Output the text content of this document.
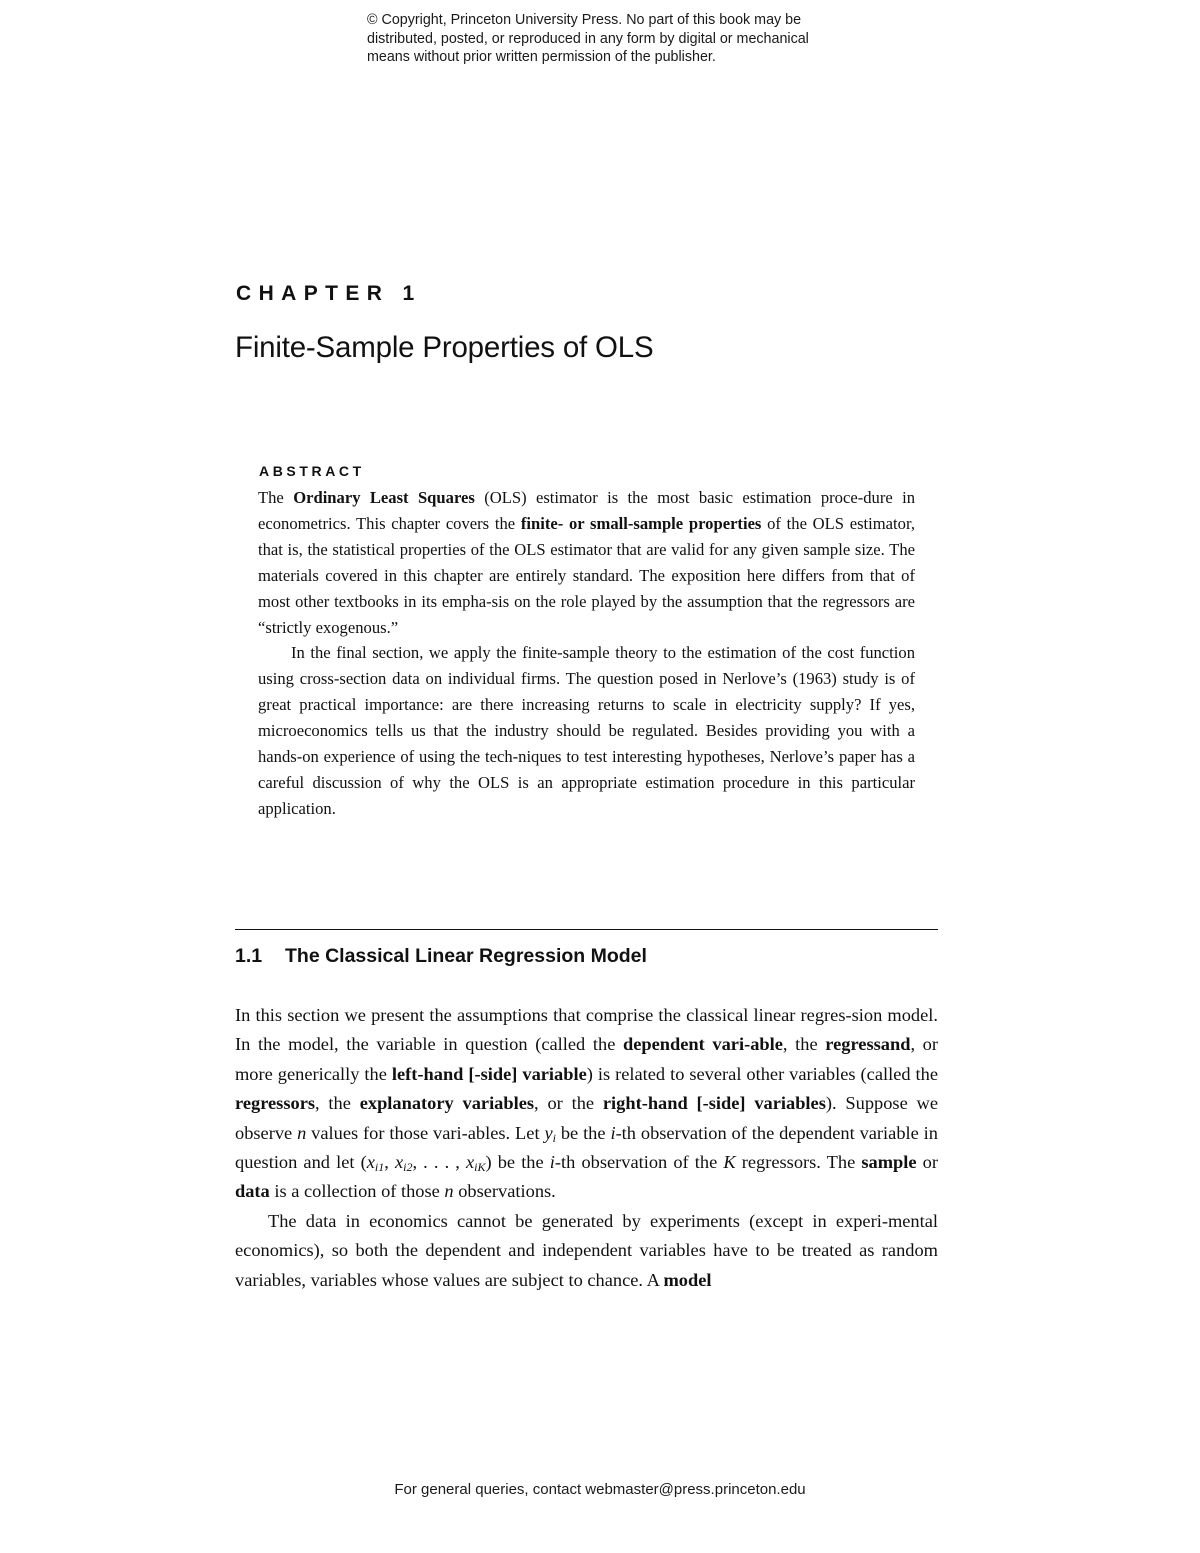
© Copyright, Princeton University Press. No part of this book may be
distributed, posted, or reproduced in any form by digital or mechanical
means without prior written permission of the publisher.
CHAPTER 1
Finite-Sample Properties of OLS
ABSTRACT

The Ordinary Least Squares (OLS) estimator is the most basic estimation proce-dure in econometrics. This chapter covers the finite- or small-sample properties of the OLS estimator, that is, the statistical properties of the OLS estimator that are valid for any given sample size. The materials covered in this chapter are entirely standard. The exposition here differs from that of most other textbooks in its empha-sis on the role played by the assumption that the regressors are “strictly exogenous.”

In the final section, we apply the finite-sample theory to the estimation of the cost function using cross-section data on individual firms. The question posed in Nerlove’s (1963) study is of great practical importance: are there increasing returns to scale in electricity supply? If yes, microeconomics tells us that the industry should be regulated. Besides providing you with a hands-on experience of using the tech-niques to test interesting hypotheses, Nerlove’s paper has a careful discussion of why the OLS is an appropriate estimation procedure in this particular application.

1.1 The Classical Linear Regression Model

In this section we present the assumptions that comprise the classical linear regres-sion model. In the model, the variable in question (called the dependent vari-able, the regressand, or more generically the left-hand [-side] variable) is related to several other variables (called the regressors, the explanatory variables, or the right-hand [-side] variables). Suppose we observe n values for those vari-ables. Let $y_i$ be the i-th observation of the dependent variable in question and let ($x_{i1}$, $x_{i2}$, . . . , $x_{iK}$) be the i-th observation of the K regressors. The sample or data is a collection of those n observations.

The data in economics cannot be generated by experiments (except in experi-mental economics), so both the dependent and independent variables have to be treated as random variables, variables whose values are subject to chance. A model

For general queries, contact webmaster@press.princeton.edu
